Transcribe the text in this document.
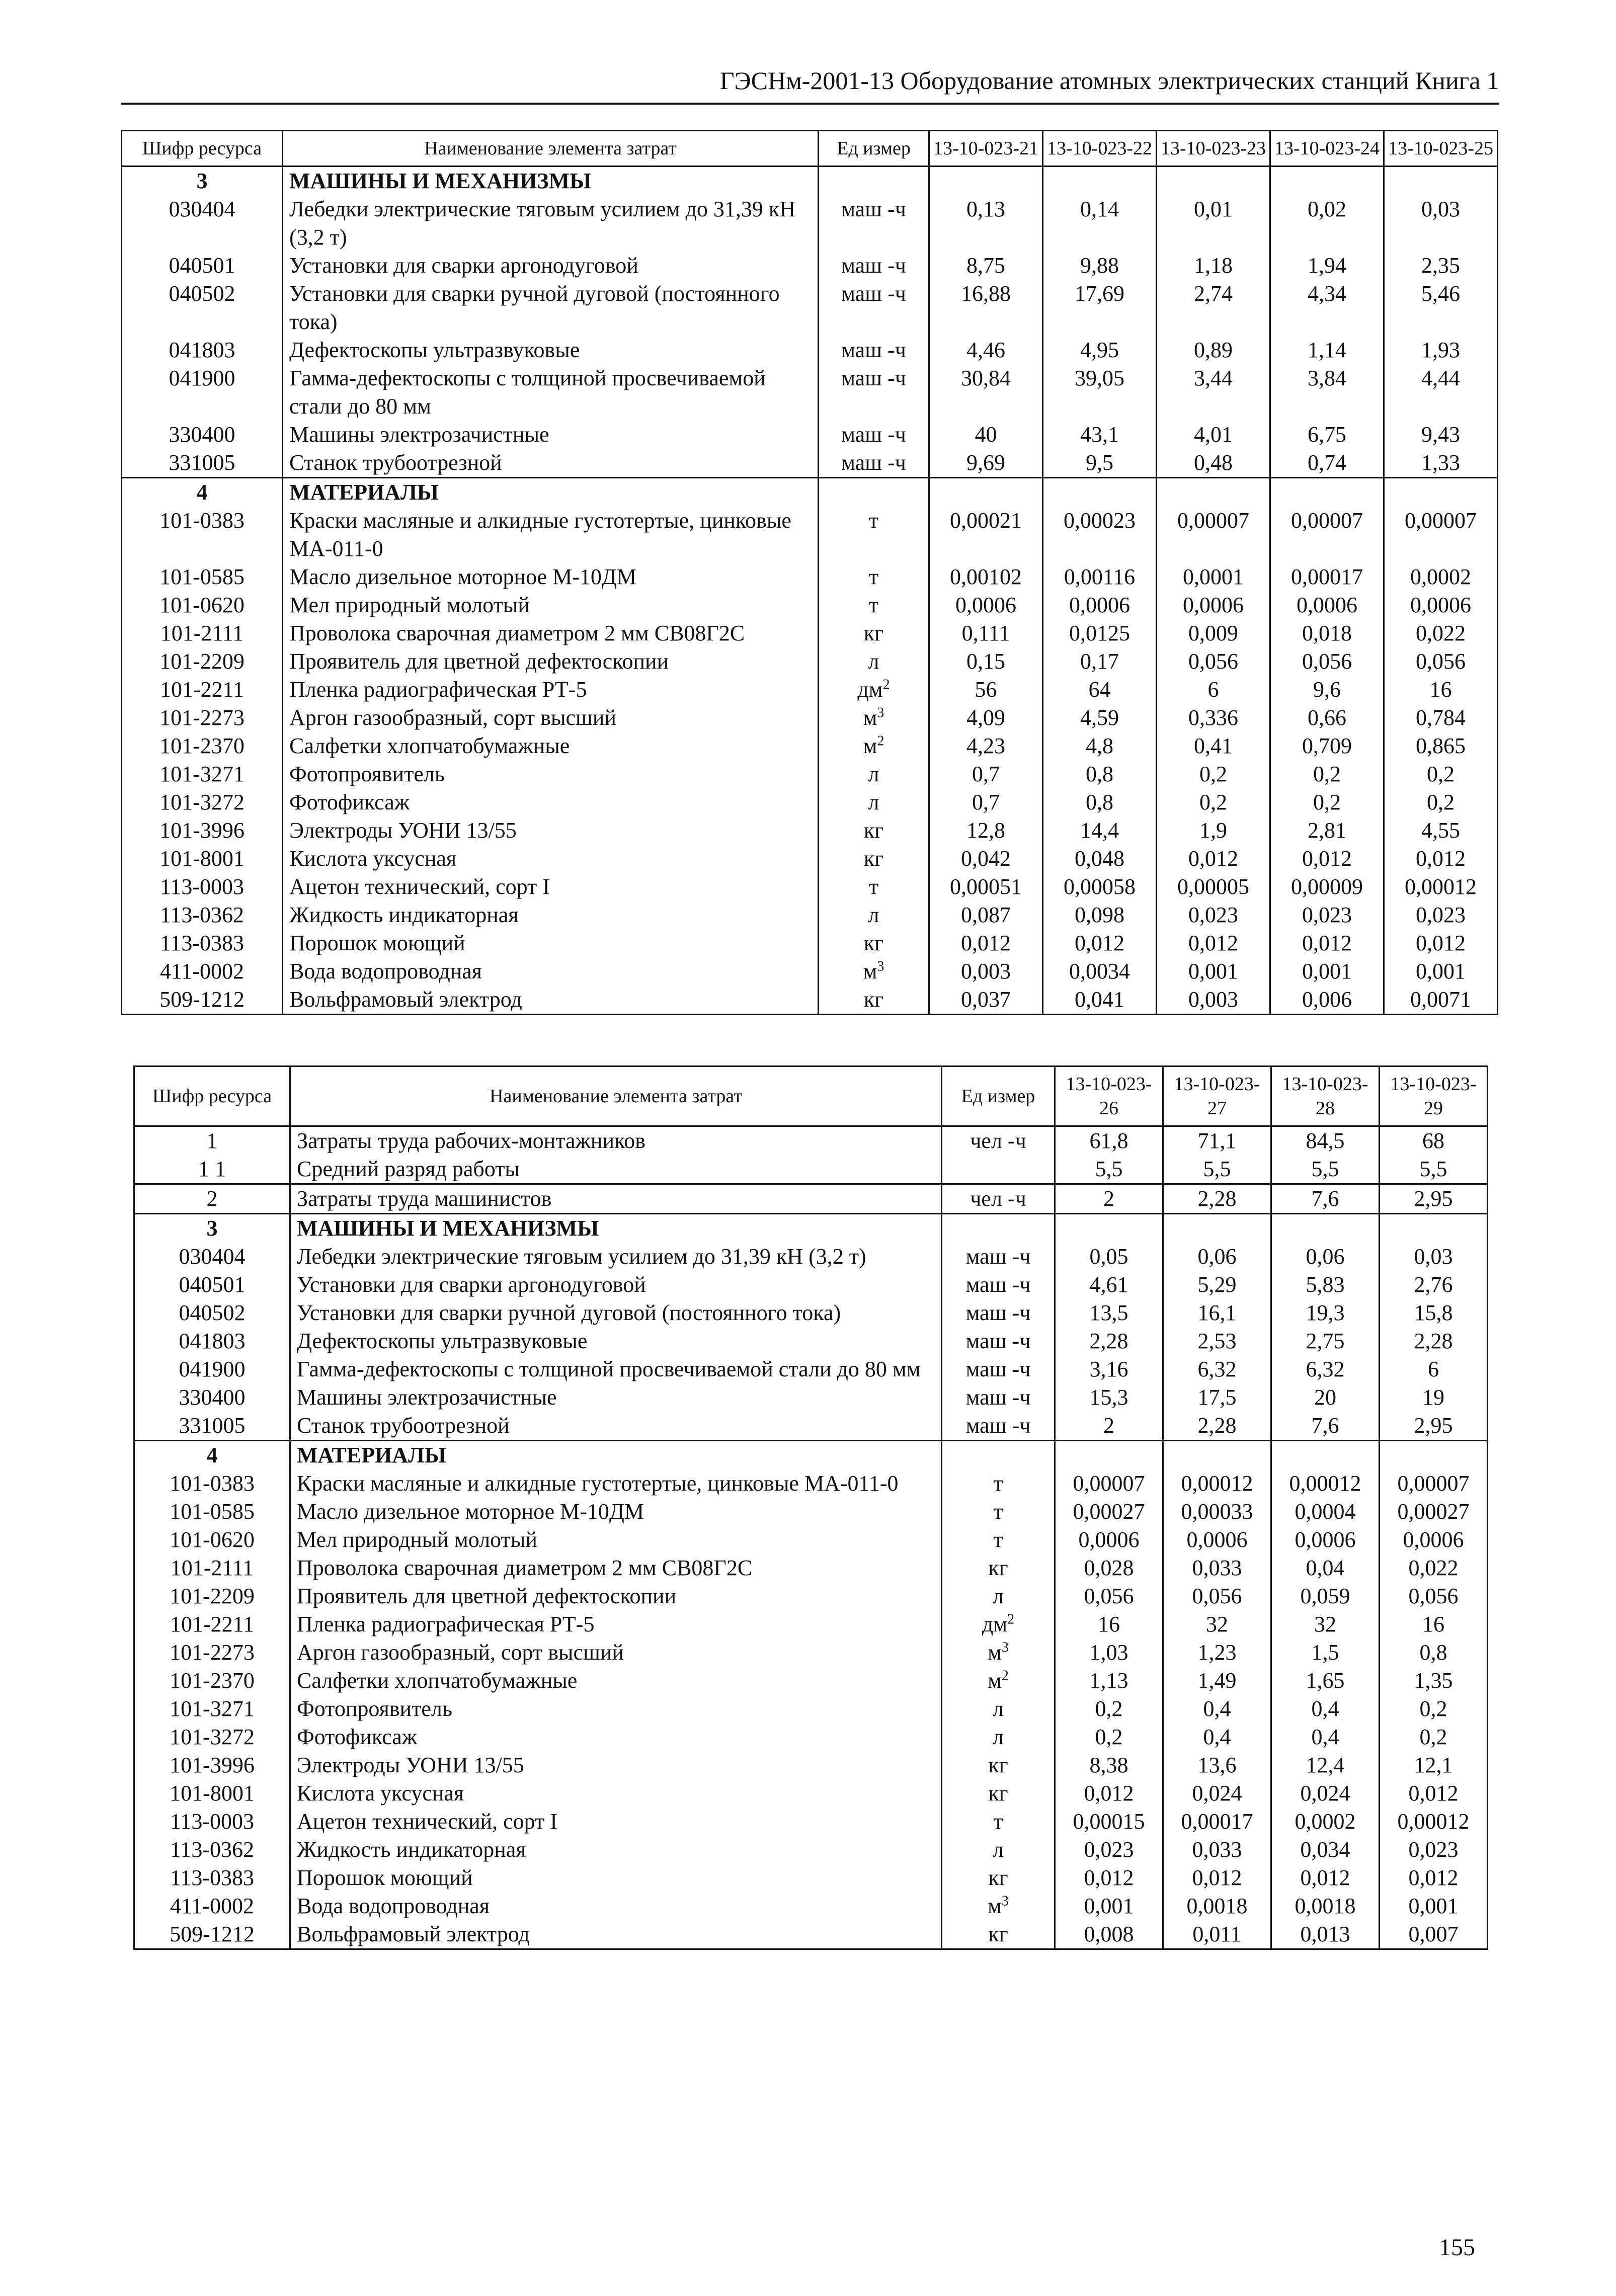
ГЭСНм-2001-13 Оборудование атомных электрических станций Книга 1
Шифр ресурса	Наименование элемента затрат	Ед измер	13-10-023-21	13-10-023-22	13-10-023-23	13-10-023-24	13-10-023-25
3	МАШИНЫ И МЕХАНИЗМЫ						
030404	Лебедки электрические тяговым усилием до 31,39 кН (3,2 т)	маш -ч	0,13	0,14	0,01	0,02	0,03
040501	Установки для сварки аргонодуговой	маш -ч	8,75	9,88	1,18	1,94	2,35
040502	Установки для сварки ручной дуговой (постоянного тока)	маш -ч	16,88	17,69	2,74	4,34	5,46
041803	Дефектоскопы ультразвуковые	маш -ч	4,46	4,95	0,89	1,14	1,93
041900	Гамма-дефектоскопы с толщиной просвечиваемой стали до 80 мм	маш -ч	30,84	39,05	3,44	3,84	4,44
330400	Машины электрозачистные	маш -ч	40	43,1	4,01	6,75	9,43
331005	Станок трубоотрезной	маш -ч	9,69	9,5	0,48	0,74	1,33
4	МАТЕРИАЛЫ						
101-0383	Краски масляные и алкидные густотертые, цинковые МА-011-0	т	0,00021	0,00023	0,00007	0,00007	0,00007
101-0585	Масло дизельное моторное М-10ДМ	т	0,00102	0,00116	0,0001	0,00017	0,0002
101-0620	Мел природный молотый	т	0,0006	0,0006	0,0006	0,0006	0,0006
101-2111	Проволока сварочная диаметром 2 мм СВ08Г2С	кг	0,111	0,0125	0,009	0,018	0,022
101-2209	Проявитель для цветной дефектоскопии	л	0,15	0,17	0,056	0,056	0,056
101-2211	Пленка радиографическая РТ-5	$дм^2$	56	64	6	9,6	16
101-2273	Аргон газообразный, сорт высший	$м^3$	4,09	4,59	0,336	0,66	0,784
101-2370	Салфетки хлопчатобумажные	$м^2$	4,23	4,8	0,41	0,709	0,865
101-3271	Фотопроявитель	л	0,7	0,8	0,2	0,2	0,2
101-3272	Фотофиксаж	л	0,7	0,8	0,2	0,2	0,2
101-3996	Электроды УОНИ 13/55	кг	12,8	14,4	1,9	2,81	4,55
101-8001	Кислота уксусная	кг	0,042	0,048	0,012	0,012	0,012
113-0003	Ацетон технический, сорт I	т	0,00051	0,00058	0,00005	0,00009	0,00012
113-0362	Жидкость индикаторная	л	0,087	0,098	0,023	0,023	0,023
113-0383	Порошок моющий	кг	0,012	0,012	0,012	0,012	0,012
411-0002	Вода водопроводная	$м^3$	0,003	0,0034	0,001	0,001	0,001
509-1212	Вольфрамовый электрод	кг	0,037	0,041	0,003	0,006	0,0071
Шифр ресурса	Наименование элемента затрат	Ед измер	13-10-023-26	13-10-023-27	13-10-023-28	13-10-023-29
1	Затраты труда рабочих-монтажников	чел -ч	61,8	71,1	84,5	68
1 1	Средний разряд работы		5,5	5,5	5,5	5,5
2	Затраты труда машинистов	чел -ч	2	2,28	7,6	2,95
3	МАШИНЫ И МЕХАНИЗМЫ					
030404	Лебедки электрические тяговым усилием до 31,39 кН (3,2 т)	маш -ч	0,05	0,06	0,06	0,03
040501	Установки для сварки аргонодуговой	маш -ч	4,61	5,29	5,83	2,76
040502	Установки для сварки ручной дуговой (постоянного тока)	маш -ч	13,5	16,1	19,3	15,8
041803	Дефектоскопы ультразвуковые	маш -ч	2,28	2,53	2,75	2,28
041900	Гамма-дефектоскопы с толщиной просвечиваемой стали до 80 мм	маш -ч	3,16	6,32	6,32	6
330400	Машины электрозачистные	маш -ч	15,3	17,5	20	19
331005	Станок трубоотрезной	маш -ч	2	2,28	7,6	2,95
4	МАТЕРИАЛЫ					
101-0383	Краски масляные и алкидные густотертые, цинковые МА-011-0	т	0,00007	0,00012	0,00012	0,00007
101-0585	Масло дизельное моторное М-10ДМ	т	0,00027	0,00033	0,0004	0,00027
101-0620	Мел природный молотый	т	0,0006	0,0006	0,0006	0,0006
101-2111	Проволока сварочная диаметром 2 мм СВ08Г2С	кг	0,028	0,033	0,04	0,022
101-2209	Проявитель для цветной дефектоскопии	л	0,056	0,056	0,059	0,056
101-2211	Пленка радиографическая РТ-5	$дм^2$	16	32	32	16
101-2273	Аргон газообразный, сорт высший	$м^3$	1,03	1,23	1,5	0,8
101-2370	Салфетки хлопчатобумажные	$м^2$	1,13	1,49	1,65	1,35
101-3271	Фотопроявитель	л	0,2	0,4	0,4	0,2
101-3272	Фотофиксаж	л	0,2	0,4	0,4	0,2
101-3996	Электроды УОНИ 13/55	кг	8,38	13,6	12,4	12,1
101-8001	Кислота уксусная	кг	0,012	0,024	0,024	0,012
113-0003	Ацетон технический, сорт I	т	0,00015	0,00017	0,0002	0,00012
113-0362	Жидкость индикаторная	л	0,023	0,033	0,034	0,023
113-0383	Порошок моющий	кг	0,012	0,012	0,012	0,012
411-0002	Вода водопроводная	$м^3$	0,001	0,0018	0,0018	0,001
509-1212	Вольфрамовый электрод	кг	0,008	0,011	0,013	0,007
155
